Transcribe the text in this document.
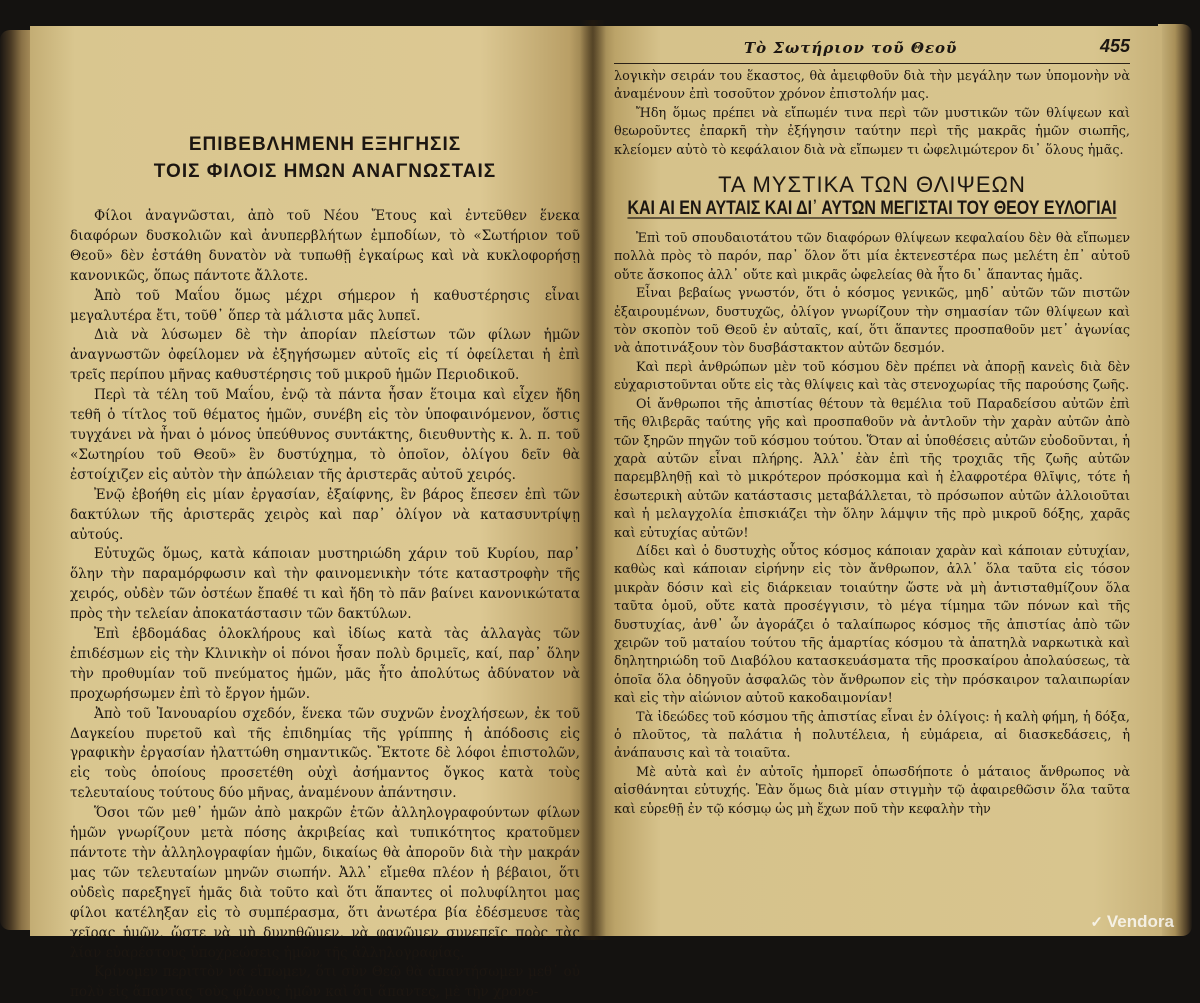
ΕΠΙΒΕΒΛΗΜΕΝΗ ΕΞΗΓΗΣΙΣ
ΤΟΙΣ ΦΙΛΟΙΣ ΗΜΩΝ ΑΝΑΓΝΩΣΤΑΙΣ

Φίλοι ἀναγνῶσται, ἀπὸ τοῦ Νέου Ἔτους καὶ ἐντεῦθεν ἕνεκα διαφόρων δυσκολιῶν καὶ ἀνυπερβλήτων ἐμποδίων, τὸ «Σωτήριον τοῦ Θεοῦ» δὲν ἐστάθη δυνατὸν νὰ τυπωθῇ ἐγκαίρως καὶ νὰ κυκλοφορήσῃ κανονικῶς, ὅπως πάντοτε ἄλλοτε.

Ἀπὸ τοῦ Μαΐου ὅμως μέχρι σήμερον ἡ καθυστέρησις εἶναι μεγαλυτέρα ἔτι, τοῦθ᾽ ὅπερ τὰ μάλιστα μᾶς λυπεῖ.

Διὰ νὰ λύσωμεν δὲ τὴν ἀπορίαν πλείστων τῶν φίλων ἡμῶν ἀναγνωστῶν ὀφείλομεν νὰ ἐξηγήσωμεν αὐτοῖς εἰς τί ὀφείλεται ἡ ἐπὶ τρεῖς περίπου μῆνας καθυστέρησις τοῦ μικροῦ ἡμῶν Περιοδικοῦ.

Περὶ τὰ τέλη τοῦ Μαΐου, ἐνῷ τὰ πάντα ἦσαν ἕτοιμα καὶ εἶχεν ἤδη τεθῆ ὁ τίτλος τοῦ θέματος ἡμῶν, συνέβη εἰς τὸν ὑποφαινόμενον, ὅστις τυγχάνει νὰ ἦναι ὁ μόνος ὑπεύθυνος συντάκτης, διευθυντὴς κ. λ. π. τοῦ «Σωτηρίου τοῦ Θεοῦ» ἓν δυστύχημα, τὸ ὁποῖον, ὀλίγου δεῖν θὰ ἐστοίχιζεν εἰς αὐτὸν τὴν ἀπώλειαν τῆς ἀριστερᾶς αὐτοῦ χειρός.

Ἐνῷ ἐβοήθη εἰς μίαν ἐργασίαν, ἐξαίφνης, ἓν βάρος ἔπεσεν ἐπὶ τῶν δακτύλων τῆς ἀριστερᾶς χειρὸς καὶ παρ᾽ ὀλίγον νὰ κατασυντρίψῃ αὐτούς.

Εὐτυχῶς ὅμως, κατὰ κάποιαν μυστηριώδη χάριν τοῦ Κυρίου, παρ᾽ ὅλην τὴν παραμόρφωσιν καὶ τὴν φαινομενικὴν τότε καταστροφὴν τῆς χειρός, οὐδὲν τῶν ὀστέων ἔπαθέ τι καὶ ἤδη τὸ πᾶν βαίνει κανονικώτατα πρὸς τὴν τελείαν ἀποκατάστασιν τῶν δακτύλων.

Ἐπὶ ἑβδομάδας ὁλοκλήρους καὶ ἰδίως κατὰ τὰς ἀλλαγὰς τῶν ἐπιδέσμων εἰς τὴν Κλινικὴν οἱ πόνοι ἦσαν πολὺ δριμεῖς, καί, παρ᾽ ὅλην τὴν προθυμίαν τοῦ πνεύματος ἡμῶν, μᾶς ἦτο ἀπολύτως ἀδύνατον νὰ προχωρήσωμεν ἐπὶ τὸ ἔργον ἡμῶν.

Ἀπὸ τοῦ Ἰανουαρίου σχεδόν, ἕνεκα τῶν συχνῶν ἐνοχλήσεων, ἐκ τοῦ Δαγκείου πυρετοῦ καὶ τῆς ἐπιδημίας τῆς γρίππης ἡ ἀπόδοσις εἰς γραφικὴν ἐργασίαν ἠλαττώθη σημαντικῶς. Ἔκτοτε δὲ λόφοι ἐπιστολῶν, εἰς τοὺς ὁποίους προσετέθη οὐχὶ ἀσήμαντος ὄγκος κατὰ τοὺς τελευταίους τούτους δύο μῆνας, ἀναμένουν ἀπάντησιν.

Ὅσοι τῶν μεθ᾽ ἡμῶν ἀπὸ μακρῶν ἐτῶν ἀλληλογραφούντων φίλων ἡμῶν γνωρίζουν μετὰ πόσης ἀκριβείας καὶ τυπικότητος κρατοῦμεν πάντοτε τὴν ἀλληλογραφίαν ἡμῶν, δικαίως θὰ ἀποροῦν διὰ τὴν μακράν μας τῶν τελευταίων μηνῶν σιωπήν. Ἀλλ᾽ εἴμεθα πλέον ἡ βέβαιοι, ὅτι οὐδεὶς παρεξηγεῖ ἡμᾶς διὰ τοῦτο καὶ ὅτι ἅπαντες οἱ πολυφίλητοι μας φίλοι κατέληξαν εἰς τὸ συμπέρασμα, ὅτι ἀνωτέρα βία ἐδέσμευσε τὰς χεῖρας ἡμῶν, ὥστε νὰ μὴ δυνηθῶμεν, νὰ φανῶμεν συνεπεῖς πρὸς τὰς λίαν εὐαρέστους ὑποχρεώσεις ἡμῶν τῆς ἀλληλογραφίας.

Κρίνομεν περιττὸν νὰ εἴπωμεν, ὅτι σὺν Θεῷ θὰ ἀπαντήσωμεν μεθ᾽ οὐ πολὺ εἰς ἅπαντας τοὺς φίλους ἡμῶν καὶ ὅτι ἅπαντες, μὲ τὴν χρονο-

Τὸ Σωτήριον τοῦ Θεοῦ	455

λογικὴν σειράν του ἕκαστος, θὰ ἀμειφθοῦν διὰ τὴν μεγάλην των ὑπομονὴν νὰ ἀναμένουν ἐπὶ τοσοῦτον χρόνον ἐπιστολήν μας.

Ἤδη ὅμως πρέπει νὰ εἴπωμέν τινα περὶ τῶν μυστικῶν τῶν θλίψεων καὶ θεωροῦντες ἐπαρκῆ τὴν ἐξήγησιν ταύτην περὶ τῆς μακρᾶς ἡμῶν σιωπῆς, κλείομεν αὐτὸ τὸ κεφάλαιον διὰ νὰ εἴπωμεν τι ὠφελιμώτερον δι᾽ ὅλους ἡμᾶς.

ΤΑ ΜΥΣΤΙΚΑ ΤΩΝ ΘΛΙΨΕΩΝ
ΚΑΙ ΑΙ ΕΝ ΑΥΤΑΙΣ ΚΑΙ ΔΙ᾽ ΑΥΤΩΝ ΜΕΓΙΣΤΑΙ ΤΟΥ ΘΕΟΥ ΕΥΛΟΓΙΑΙ

Ἐπὶ τοῦ σπουδαιοτάτου τῶν διαφόρων θλίψεων κεφαλαίου δὲν θὰ εἴπωμεν πολλὰ πρὸς τὸ παρόν, παρ᾽ ὅλον ὅτι μία ἐκτενεστέρα πως μελέτη ἐπ᾽ αὐτοῦ οὔτε ἄσκοπος ἀλλ᾽ οὔτε καὶ μικρᾶς ὠφελείας θὰ ἦτο δι᾽ ἅπαντας ἡμᾶς.

Εἶναι βεβαίως γνωστόν, ὅτι ὁ κόσμος γενικῶς, μηδ᾽ αὐτῶν τῶν πιστῶν ἐξαιρουμένων, δυστυχῶς, ὀλίγον γνωρίζουν τὴν σημασίαν τῶν θλίψεων καὶ τὸν σκοπὸν τοῦ Θεοῦ ἐν αὐταῖς, καί, ὅτι ἅπαντες προσπαθοῦν μετ᾽ ἀγωνίας νὰ ἀποτινάξουν τὸν δυσβάστακτον αὐτῶν δεσμόν.

Καὶ περὶ ἀνθρώπων μὲν τοῦ κόσμου δὲν πρέπει νὰ ἀπορῇ κανεὶς διὰ δὲν εὐχαριστοῦνται οὔτε εἰς τὰς θλίψεις καὶ τὰς στενοχωρίας τῆς παρούσης ζωῆς.

Οἱ ἄνθρωποι τῆς ἀπιστίας θέτουν τὰ θεμέλια τοῦ Παραδείσου αὐτῶν ἐπὶ τῆς θλιβερᾶς ταύτης γῆς καὶ προσπαθοῦν νὰ ἀντλοῦν τὴν χαρὰν αὐτῶν ἀπὸ τῶν ξηρῶν πηγῶν τοῦ κόσμου τούτου. Ὅταν αἱ ὑποθέσεις αὐτῶν εὐοδοῦνται, ἡ χαρὰ αὐτῶν εἶναι πλήρης. Ἀλλ᾽ ἐὰν ἐπὶ τῆς τροχιᾶς τῆς ζωῆς αὐτῶν παρεμβληθῇ καὶ τὸ μικρότερον πρόσκομμα καὶ ἡ ἐλαφροτέρα θλῖψις, τότε ἡ ἐσωτερικὴ αὐτῶν κατάστασις μεταβάλλεται, τὸ πρόσωπον αὐτῶν ἀλλοιοῦται καὶ ἡ μελαγχολία ἐπισκιάζει τὴν ὅλην λάμψιν τῆς πρὸ μικροῦ δόξης, χαρᾶς καὶ εὐτυχίας αὐτῶν!

Δίδει καὶ ὁ δυστυχὴς οὗτος κόσμος κάποιαν χαρὰν καὶ κάποιαν εὐτυχίαν, καθὼς καὶ κάποιαν εἰρήνην εἰς τὸν ἄνθρωπον, ἀλλ᾽ ὅλα ταῦτα εἰς τόσον μικρὰν δόσιν καὶ εἰς διάρκειαν τοιαύτην ὥστε νὰ μὴ ἀντισταθμίζουν ὅλα ταῦτα ὁμοῦ, οὔτε κατὰ προσέγγισιν, τὸ μέγα τίμημα τῶν πόνων καὶ τῆς δυστυχίας, ἀνθ᾽ ὧν ἀγοράζει ὁ ταλαίπωρος κόσμος τῆς ἀπιστίας ἀπὸ τῶν χειρῶν τοῦ ματαίου τούτου τῆς ἁμαρτίας κόσμου τὰ ἀπατηλὰ ναρκωτικὰ καὶ δηλητηριώδη τοῦ Διαβόλου κατασκευάσματα τῆς προσκαίρου ἀπολαύσεως, τὰ ὁποῖα ὅλα ὁδηγοῦν ἀσφαλῶς τὸν ἄνθρωπον εἰς τὴν πρόσκαιρον ταλαιπωρίαν καὶ εἰς τὴν αἰώνιον αὐτοῦ κακοδαιμονίαν!

Τὰ ἰδεώδες τοῦ κόσμου τῆς ἀπιστίας εἶναι ἐν ὀλίγοις: ἡ καλὴ φήμη, ἡ δόξα, ὁ πλοῦτος, τὰ παλάτια ἡ πολυτέλεια, ἡ εὐμάρεια, αἱ διασκεδάσεις, ἡ ἀνάπαυσις καὶ τὰ τοιαῦτα.

Μὲ αὐτὰ καὶ ἐν αὐτοῖς ἠμπορεῖ ὁπωσδήποτε ὁ μάταιος ἄνθρωπος νὰ αἰσθάνηται εὐτυχής. Ἐὰν ὅμως διὰ μίαν στιγμὴν τῷ ἀφαιρεθῶσιν ὅλα ταῦτα καὶ εὑρεθῇ ἐν τῷ κόσμῳ ὡς μὴ ἔχων ποῦ τὴν κεφαλὴν τὴν

✓ Vendora
